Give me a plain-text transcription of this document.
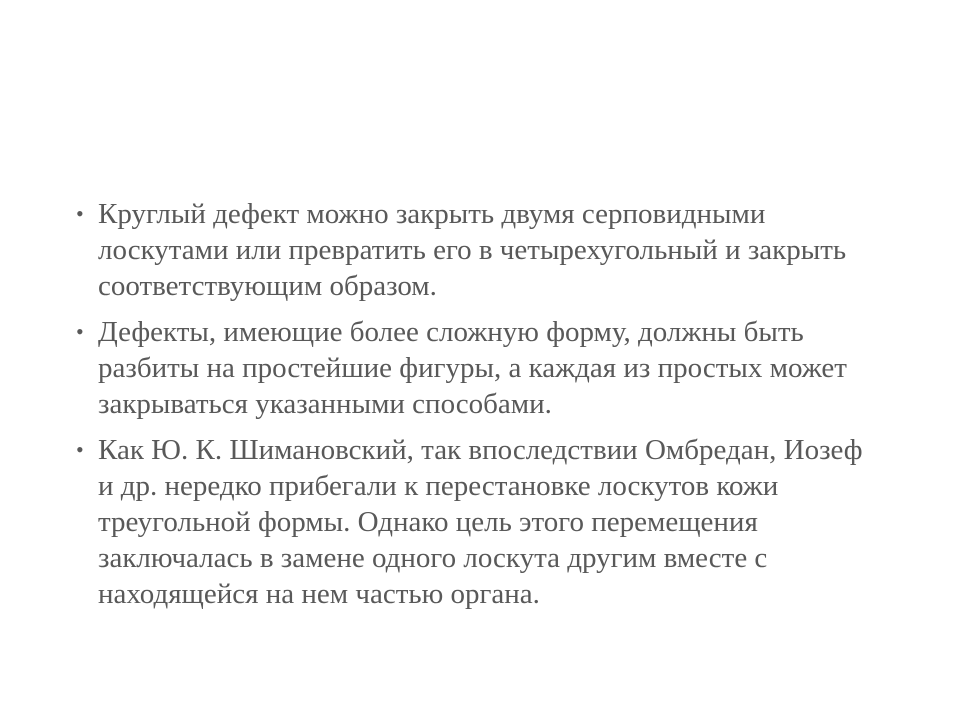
• Круглый дефект можно закрыть двумя серповидными лоскутами или превратить его в четырехугольный и закрыть соответствующим образом.
• Дефекты, имеющие более сложную форму, должны быть разбиты на простейшие фигуры, а каждая из простых может закрываться указанными способами.
• Как Ю. К. Шимановский, так впоследствии Омбредан, Иозеф и др. нередко прибегали к перестановке лоскутов кожи треугольной формы. Однако цель этого перемещения заключалась в замене одного лоскута другим вместе с находящейся на нем частью органа.
